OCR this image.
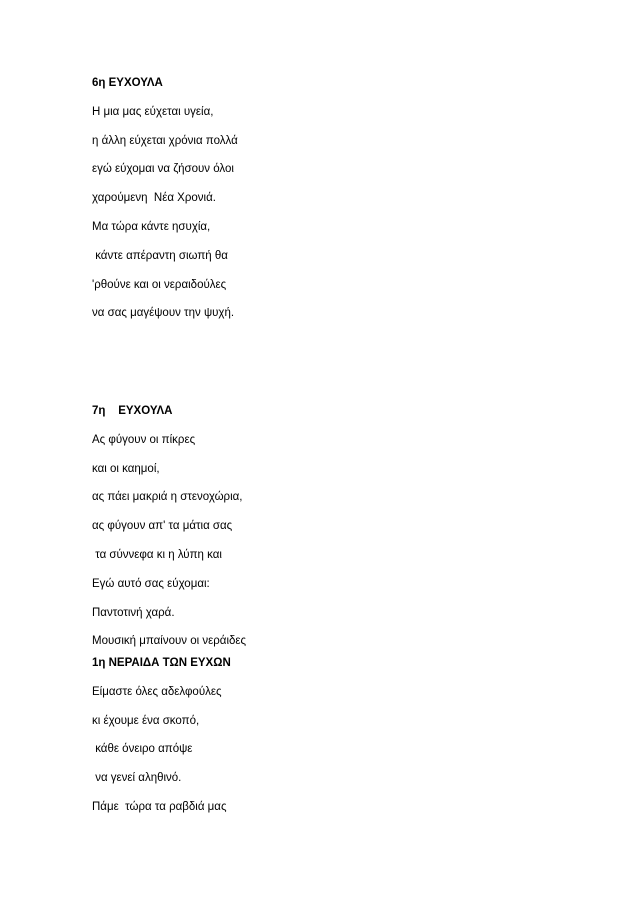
6η ΕΥΧΟΥΛΑ
Η μια μας εύχεται υγεία,
η άλλη εύχεται χρόνια πολλά
εγώ εύχομαι να ζήσουν όλοι
χαρούμενη  Νέα Χρονιά.
Μα τώρα κάντε ησυχία,
κάντε απέραντη σιωπή θα
'ρθούνε και οι νεραιδούλες
να σας μαγέψουν την ψυχή.
7η    ΕΥΧΟΥΛΑ
Ας φύγουν οι πίκρες
και οι καημοί,
ας πάει μακριά η στενοχώρια,
ας φύγουν απ' τα μάτια σας
τα σύννεφα κι η λύπη και
Εγώ αυτό σας εύχομαι:
Παντοτινή χαρά.
Μουσική μπαίνουν οι νεράιδες
1η ΝΕΡΑΙΔΑ ΤΩΝ ΕΥΧΩΝ
Είμαστε όλες αδελφούλες
κι έχουμε ένα σκοπό,
κάθε όνειρο απόψε
να γενεί αληθινό.
Πάμε  τώρα τα ραβδιά μας
